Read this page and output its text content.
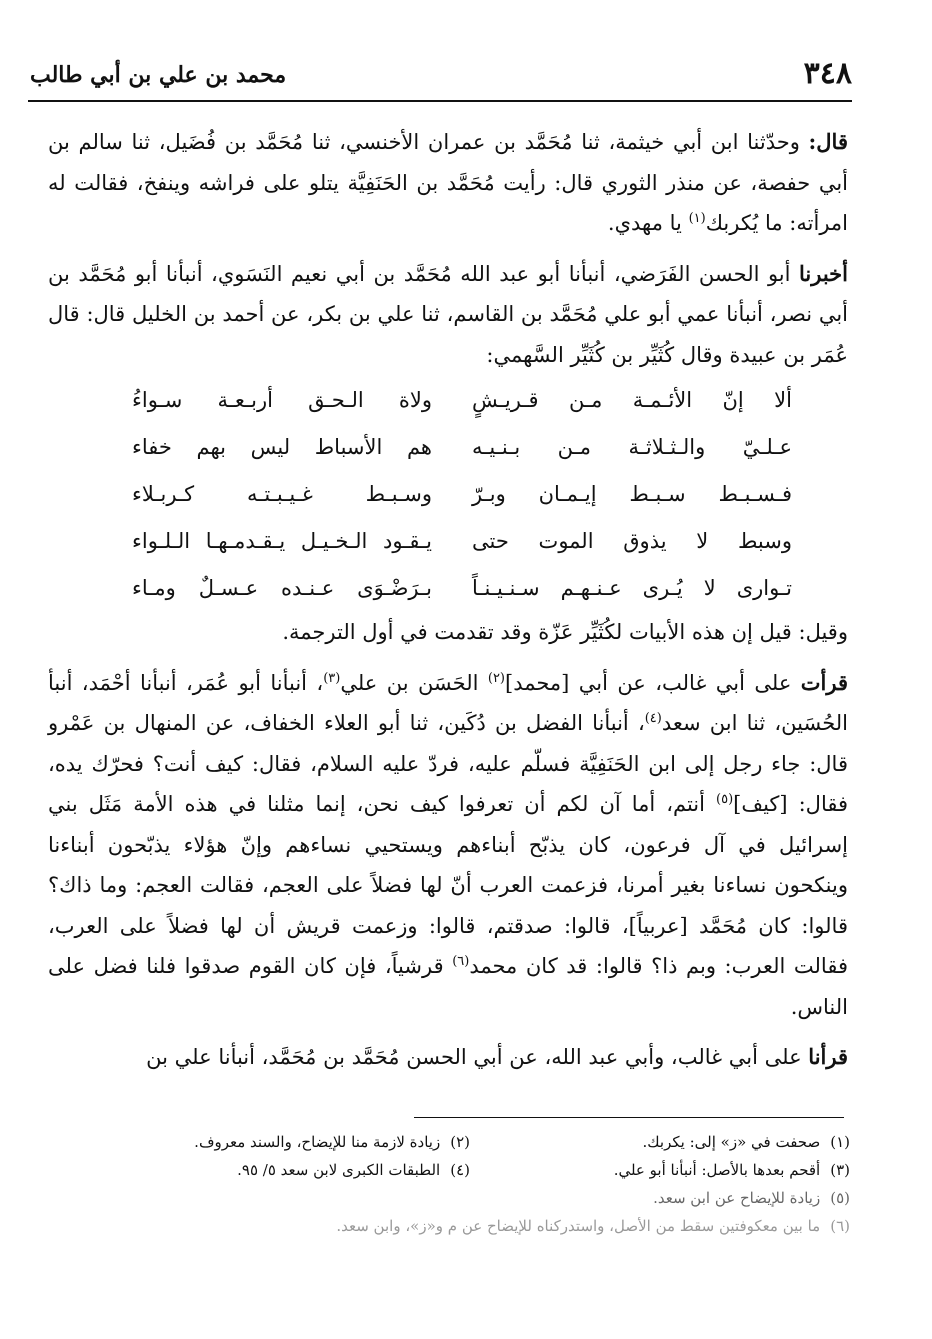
٣٤٨
محمد بن علي بن أبي طالب

قال: وحدّثنا ابن أبي خيثمة، ثنا مُحَمَّد بن عمران الأخنسي، ثنا مُحَمَّد بن فُضَيل، ثنا سالم بن أبي حفصة، عن منذر الثوري قال: رأيت مُحَمَّد بن الحَنَفِيَّة يتلو على فراشه وينفخ، فقالت له امرأته: ما يُكربك$^{(١)}$ يا مهدي.

أخبرنا أبو الحسن الفَرَضي، أنبأنا أبو عبد الله مُحَمَّد بن أبي نعيم النَسَوي، أنبأنا أبو مُحَمَّد بن أبي نصر، أنبأنا عمي أبو علي مُحَمَّد بن القاسم، ثنا علي بن بكر، عن أحمد بن الخليل قال: قال عُمَر بن عبيدة وقال كُثَيِّر بن كُثَيِّر السَّهمي:

ألا إنّ الأئـمـة مـن قـريـشٍ
ولاة الـحـق أربـعـة سـواءُ
عـلـيّ والـثـلاثـة مـن بـنـيـه
هم الأسباط ليس بهم خفاء
فـسـبـط سـبـط إيـمـان وبـرّ
وسـبـط غـيـبـتـه كـربـلاء
وسبط لا يذوق الموت حتى
يـقـود الـخـيـل يـقـدمـهـا الـلـواء
تـوارى لا يُـرى عـنـهـم سـنـيـنـاً
بـرَضْـوَى عـنـده عـسـلٌ ومـاء

وقيل: قيل إن هذه الأبيات لكُثَيِّر عَزّة وقد تقدمت في أول الترجمة.

قرأت على أبي غالب، عن أبي [محمد]$^{(٢)}$ الحَسَن بن علي$^{(٣)}$، أنبأنا أبو عُمَر، أنبأنا أحْمَد، أنبأ الحُسَين، ثنا ابن سعد$^{(٤)}$، أنبأنا الفضل بن دُكَين، ثنا أبو العلاء الخفاف، عن المنهال بن عَمْرو قال: جاء رجل إلى ابن الحَنَفِيَّة فسلّم عليه، فردّ عليه السلام، فقال: كيف أنت؟ فحرّك يده، فقال: [كيف]$^{(٥)}$ أنتم، أما آن لكم أن تعرفوا كيف نحن، إنما مثلنا في هذه الأمة مَثَل بني إسرائيل في آل فرعون، كان يذبّح أبناءهم ويستحيي نساءهم وإنّ هؤلاء يذبّحون أبناءنا وينكحون نساءنا بغير أمرنا، فزعمت العرب أنّ لها فضلاً على العجم، فقالت العجم: وما ذاك؟ قالوا: كان مُحَمَّد [عربياً]، قالوا: صدقتم، قالوا: وزعمت قريش أن لها فضلاً على العرب، فقالت العرب: وبم ذا؟ قالوا: قد كان محمد$^{(٦)}$ قرشياً، فإن كان القوم صدقوا فلنا فضل على الناس.

قرأنا على أبي غالب، وأبي عبد الله، عن أبي الحسن مُحَمَّد بن مُحَمَّد، أنبأنا علي بن

(١)صحفت في «ز» إلى: يكربك.
(٢)زيادة لازمة منا للإيضاح، والسند معروف.
(٣)أقحم بعدها بالأصل: أنبأنا أبو علي.
(٤)الطبقات الكبرى لابن سعد ٥/ ٩٥.
(٥)زيادة للإيضاح عن ابن سعد.
(٦)ما بين معكوفتين سقط من الأصل، واستدركناه للإيضاح عن م و«ز»، وابن سعد.
